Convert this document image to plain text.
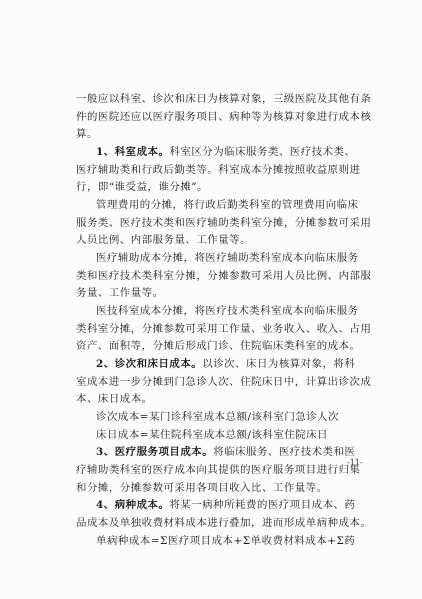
一般应以科室、诊次和床日为核算对象，三级医院及其他有条
件的医院还应以医疗服务项目、病种等为核算对象进行成本核
算。
1、科室成本。科室区分为临床服务类、医疗技术类、
医疗辅助类和行政后勤类等。科室成本分摊按照收益原则进
行，即“谁受益，谁分摊”。
管理费用的分摊，将行政后勤类科室的管理费用向临床
服务类、医疗技术类和医疗辅助类科室分摊，分摊参数可采用
人员比例、内部服务量、工作量等。
医疗辅助成本分摊，将医疗辅助类科室成本向临床服务
类和医疗技术类科室分摊，分摊参数可采用人员比例、内部服
务量、工作量等。
医技科室成本分摊，将医疗技术类科室成本向临床服务
类科室分摊，分摊参数可采用工作量、业务收入、收入、占用
资产、面积等，分摊后形成门诊、住院临床类科室的成本。
2、诊次和床日成本。以诊次、床日为核算对象，将科
室成本进一步分摊到门急诊人次、住院床日中，计算出诊次成
本、床日成本。
诊次成本=某门诊科室成本总额/该科室门急诊人次
床日成本=某住院科室成本总额/该科室住院床日
3、医疗服务项目成本。将临床服务、医疗技术类和医
疗辅助类科室的医疗成本向其提供的医疗服务项目进行归集
和分摊，分摊参数可采用各项目收入比、工作量等。
4、病种成本。将某一病种所耗费的医疗项目成本、药
品成本及单独收费材料成本进行叠加，进而形成单病种成本。
单病种成本=Σ医疗项目成本+Σ单收费材料成本+Σ药
-11-
